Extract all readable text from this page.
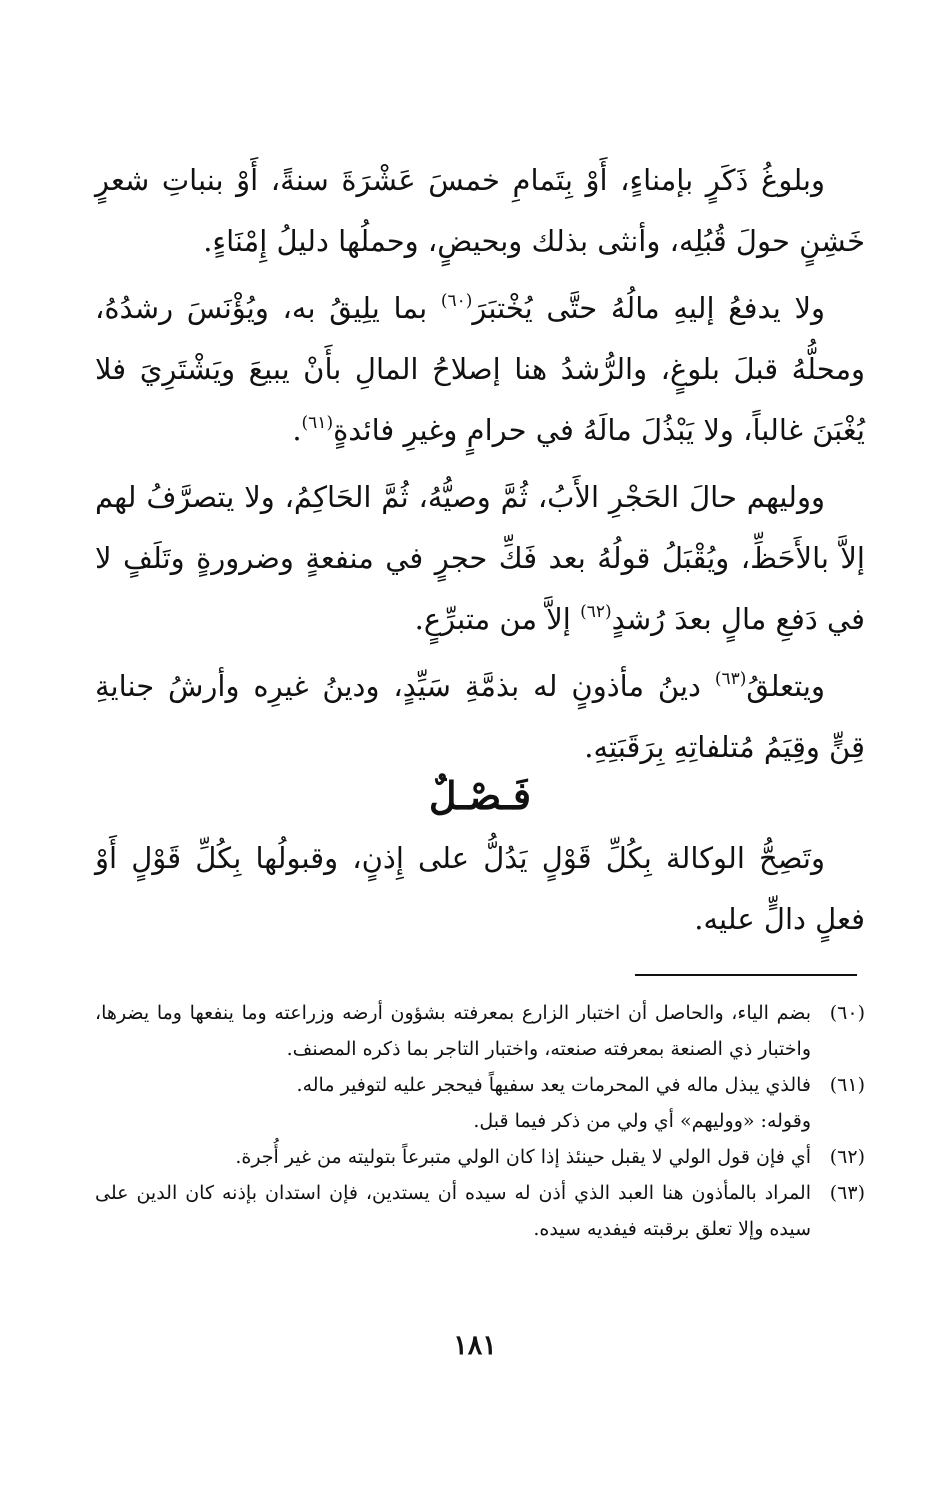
وبلوغُ ذَكَرٍ بإمناءٍ، أَوْ بِتَمامِ خمسَ عَشْرَةَ سنةً، أَوْ بنباتِ شعرٍ خَشِنٍ حولَ قُبُلِه، وأنثى بذلك وبحيضٍ، وحملُها دليلُ إِمْنَاءٍ.

ولا يدفعُ إليهِ مالُهُ حتَّى يُخْتبَرَ$^{(٦٠)}$ بما يلِيقُ به، ويُؤْنَسَ رشدُهُ، ومحلُّهُ قبلَ بلوغٍ، والرُّشدُ هنا إصلاحُ المالِ بأَنْ يبيعَ ويَشْتَرِيَ فلا يُغْبَنَ غالباً، ولا يَبْذُلَ مالَهُ في حرامٍ وغيرِ فائدةٍ$^{(٦١)}$.

ووليهم حالَ الحَجْرِ الأَبُ، ثُمَّ وصيُّهُ، ثُمَّ الحَاكِمُ، ولا يتصرَّفُ لهم إلاَّ بالأَحَظِّ، ويُقْبَلُ قولُهُ بعد فَكِّ حجرٍ في منفعةٍ وضرورةٍ وتَلَفٍ لا في دَفعِ مالٍ بعدَ رُشدٍ$^{(٦٢)}$ إلاَّ من متبرِّعٍ.

ويتعلقُ$^{(٦٣)}$ دينُ مأذونٍ له بذمَّةِ سَيِّدٍ، ودينُ غيرِه وأرشُ جنايةِ قِنٍّ وقِيَمُ مُتلفاتِهِ بِرَقَبَتِهِ.

فَـصْـلٌ

وتَصِحُّ الوكالة بِكُلِّ قَوْلٍ يَدُلُّ على إِذنٍ، وقبولُها بِكُلِّ قَوْلٍ أَوْ فعلٍ دالٍّ عليه.

(٦٠)
بضم الياء، والحاصل أن اختبار الزارع بمعرفته بشؤون أرضه وزراعته وما ينفعها وما يضرها، واختبار ذي الصنعة بمعرفته صنعته، واختبار التاجر بما ذكره المصنف.
(٦١)
فالذي يبذل ماله في المحرمات يعد سفيهاً فيحجر عليه لتوفير ماله.

وقوله: «ووليهم» أي ولي من ذكر فيما قبل.

(٦٢)
أي فإن قول الولي لا يقبل حينئذ إذا كان الولي متبرعاً بتوليته من غير أُجرة.
(٦٣)
المراد بالمأذون هنا العبد الذي أذن له سيده أن يستدين، فإن استدان بإذنه كان الدين على سيده وإلا تعلق برقبته فيفديه سيده.
١٨١
